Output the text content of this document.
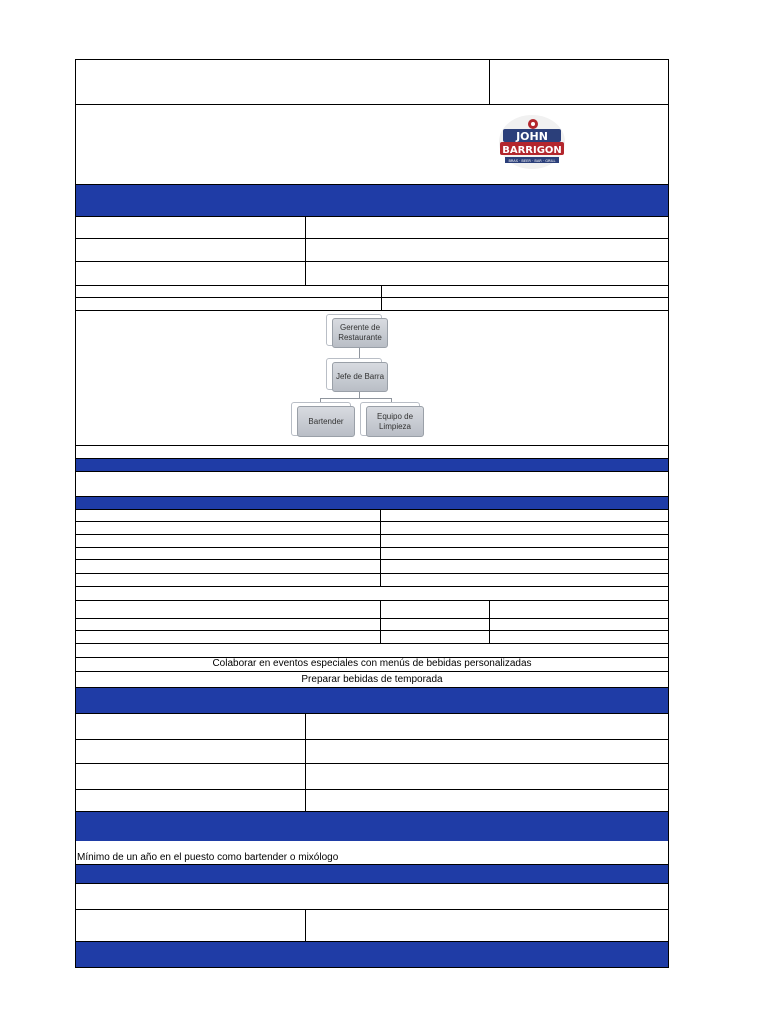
JOHN
BARRIGON
BRAS · BEER · BAR · GRILL
Gerente de Restaurante
Jefe de Barra
Bartender
Equipo de Limpieza
Colaborar en eventos especiales con menús de bebidas personalizadas
Preparar bebidas de temporada
Mínimo de un año en el puesto como bartender o mixólogo
